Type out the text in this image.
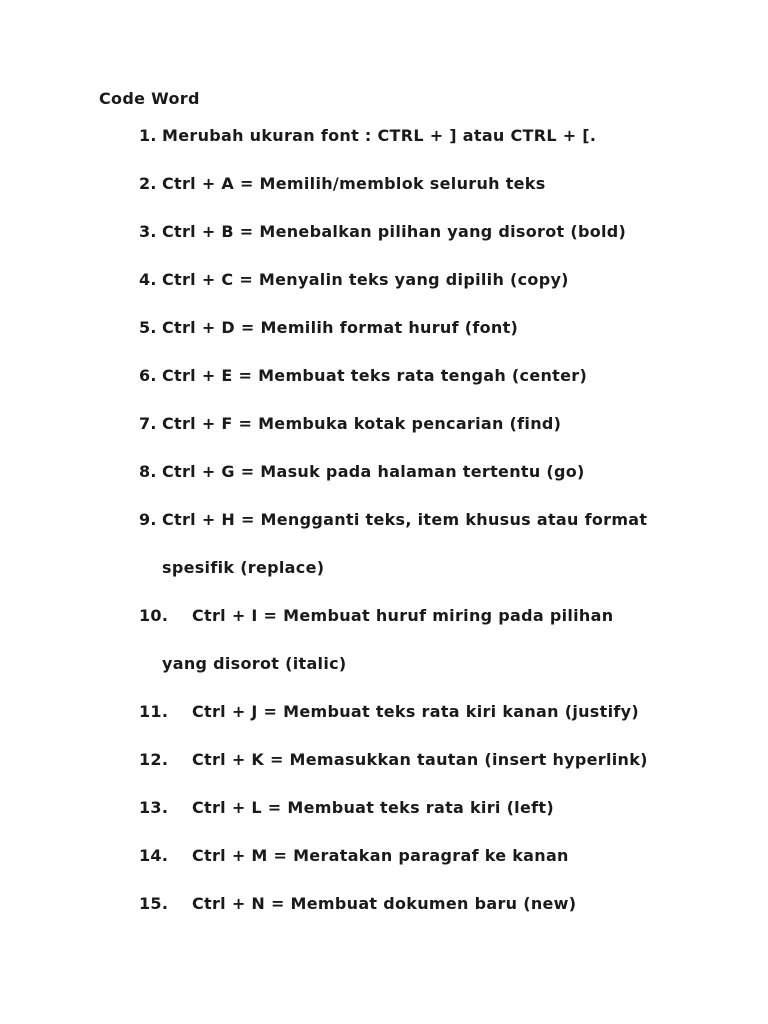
Code Word
1. Merubah ukuran font : CTRL + ] atau CTRL + [.
2. Ctrl + A = Memilih/memblok seluruh teks
3. Ctrl + B = Menebalkan pilihan yang disorot (bold)
4. Ctrl + C = Menyalin teks yang dipilih (copy)
5. Ctrl + D = Memilih format huruf (font)
6. Ctrl + E = Membuat teks rata tengah (center)
7. Ctrl + F = Membuka kotak pencarian (find)
8. Ctrl + G = Masuk pada halaman tertentu (go)
9. Ctrl + H = Mengganti teks, item khusus atau format
spesifik (replace)
10. Ctrl + I = Membuat huruf miring pada pilihan
yang disorot (italic)
11. Ctrl + J = Membuat teks rata kiri kanan (justify)
12. Ctrl + K = Memasukkan tautan (insert hyperlink)
13. Ctrl + L = Membuat teks rata kiri (left)
14. Ctrl + M = Meratakan paragraf ke kanan
15. Ctrl + N = Membuat dokumen baru (new)
